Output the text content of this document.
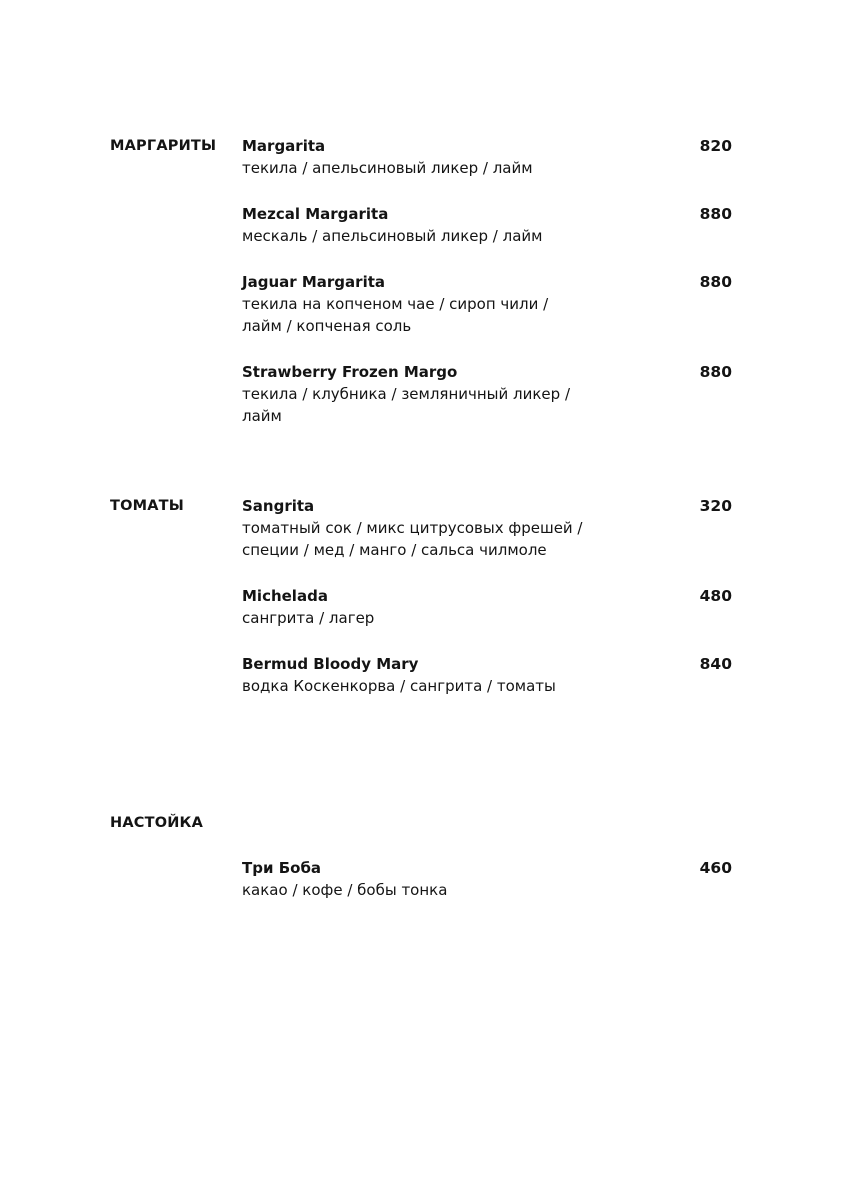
МАРГАРИТЫ Margarita

текила / апельсиновый ликер / лайм
820

Mezcal Margarita

мескаль / апельсиновый ликер / лайм
880

Jaguar Margarita

текила на копченом чае / сироп чили /
лайм / копченая соль
880

Strawberry Frozen Margo

текила / клубника / земляничный ликер /
лайм
880
ТОМАТЫ	Sangrita

томатный сок / микс цитрусовых фрешей /
специи / мед / манго / сальса чилмоле
320

Michelada

сангрита / лагер
480

Bermud Bloody Mary

водка Коскенкорва / сангрита / томаты
840
НАСТОЙКА

Три Боба

какао / кофе / бобы тонка
460
